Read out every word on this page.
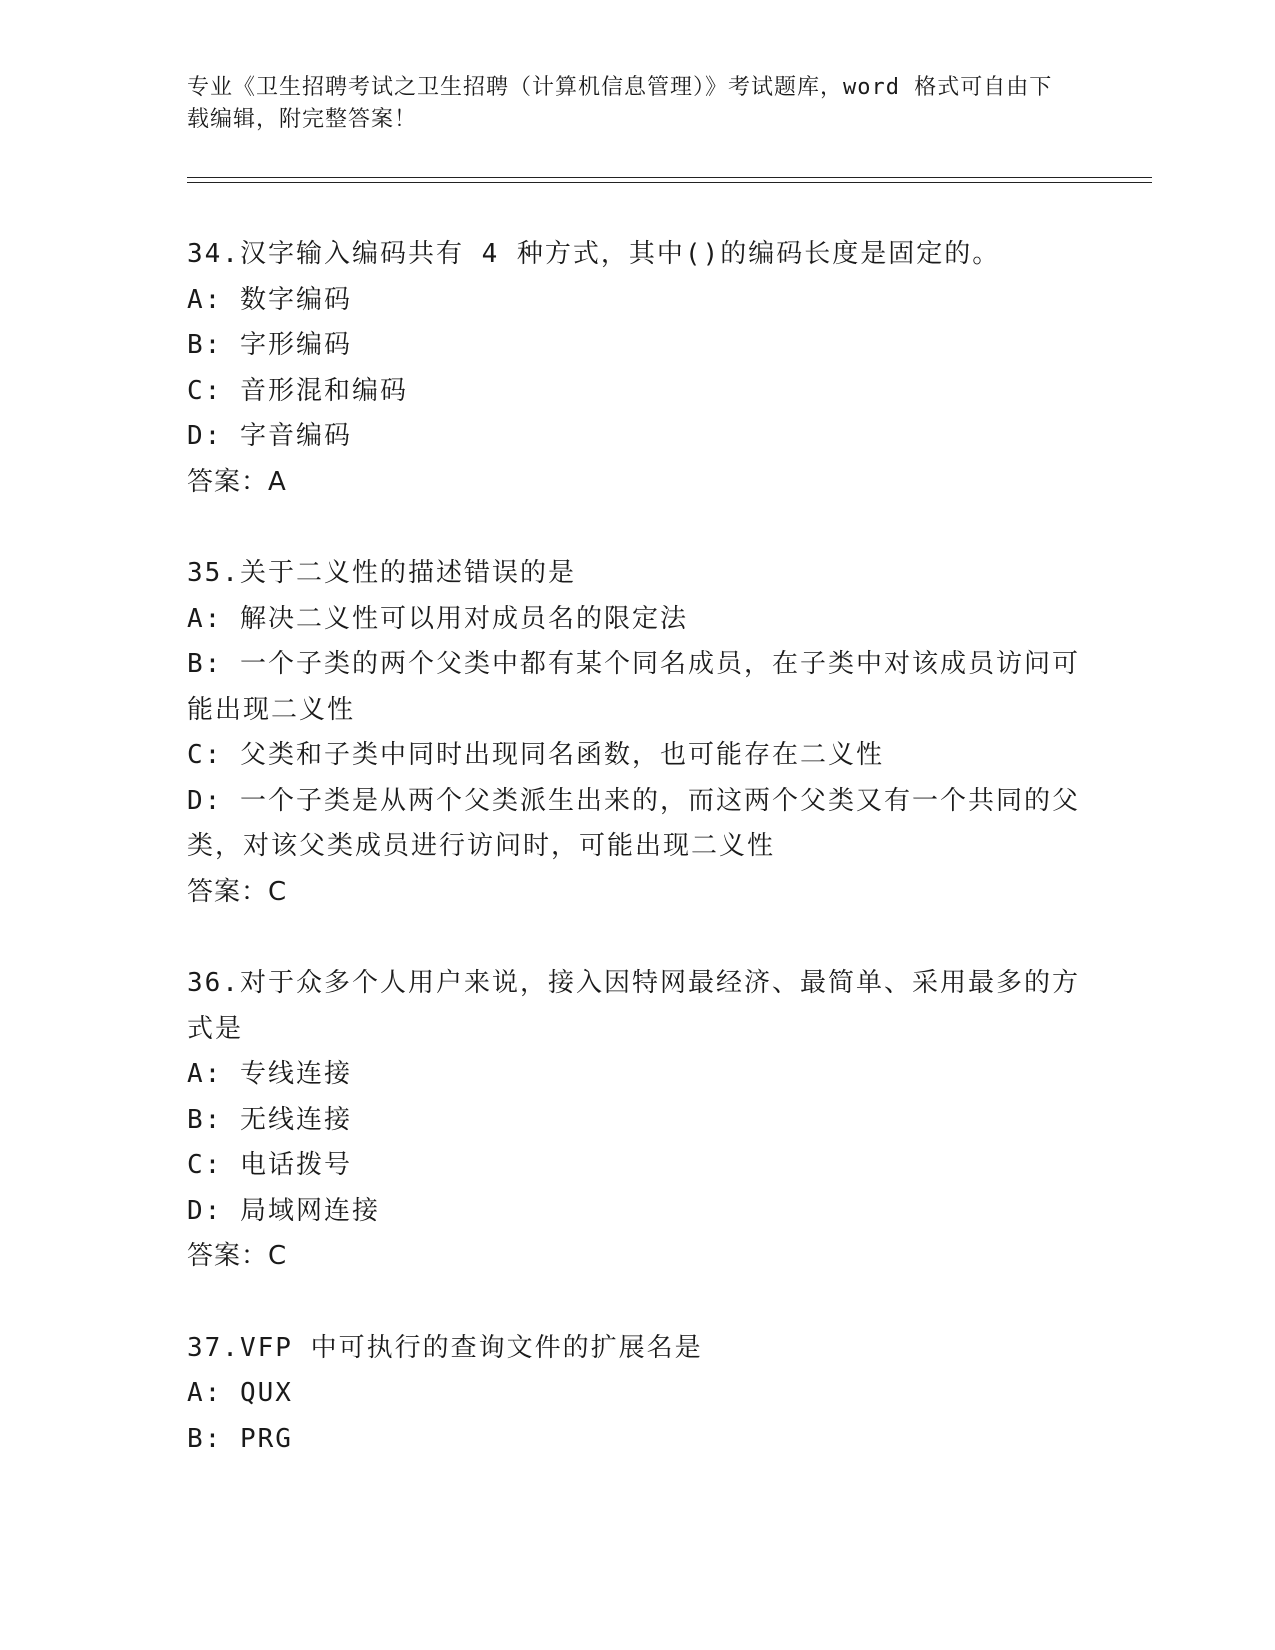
专业《卫生招聘考试之卫生招聘（计算机信息管理）》考试题库，word 格式可自由下载编辑，附完整答案！
34.汉字输入编码共有 4 种方式，其中()的编码长度是固定的。
A: 数字编码
B: 字形编码
C: 音形混和编码
D: 字音编码
答案：A
35.关于二义性的描述错误的是
A: 解决二义性可以用对成员名的限定法
B: 一个子类的两个父类中都有某个同名成员，在子类中对该成员访问可能出现二义性
C: 父类和子类中同时出现同名函数，也可能存在二义性
D: 一个子类是从两个父类派生出来的，而这两个父类又有一个共同的父类，对该父类成员进行访问时，可能出现二义性
答案：C
36.对于众多个人用户来说，接入因特网最经济、最简单、采用最多的方式是
A: 专线连接
B: 无线连接
C: 电话拨号
D: 局域网连接
答案：C
37.VFP 中可执行的查询文件的扩展名是
A: QUX
B: PRG
